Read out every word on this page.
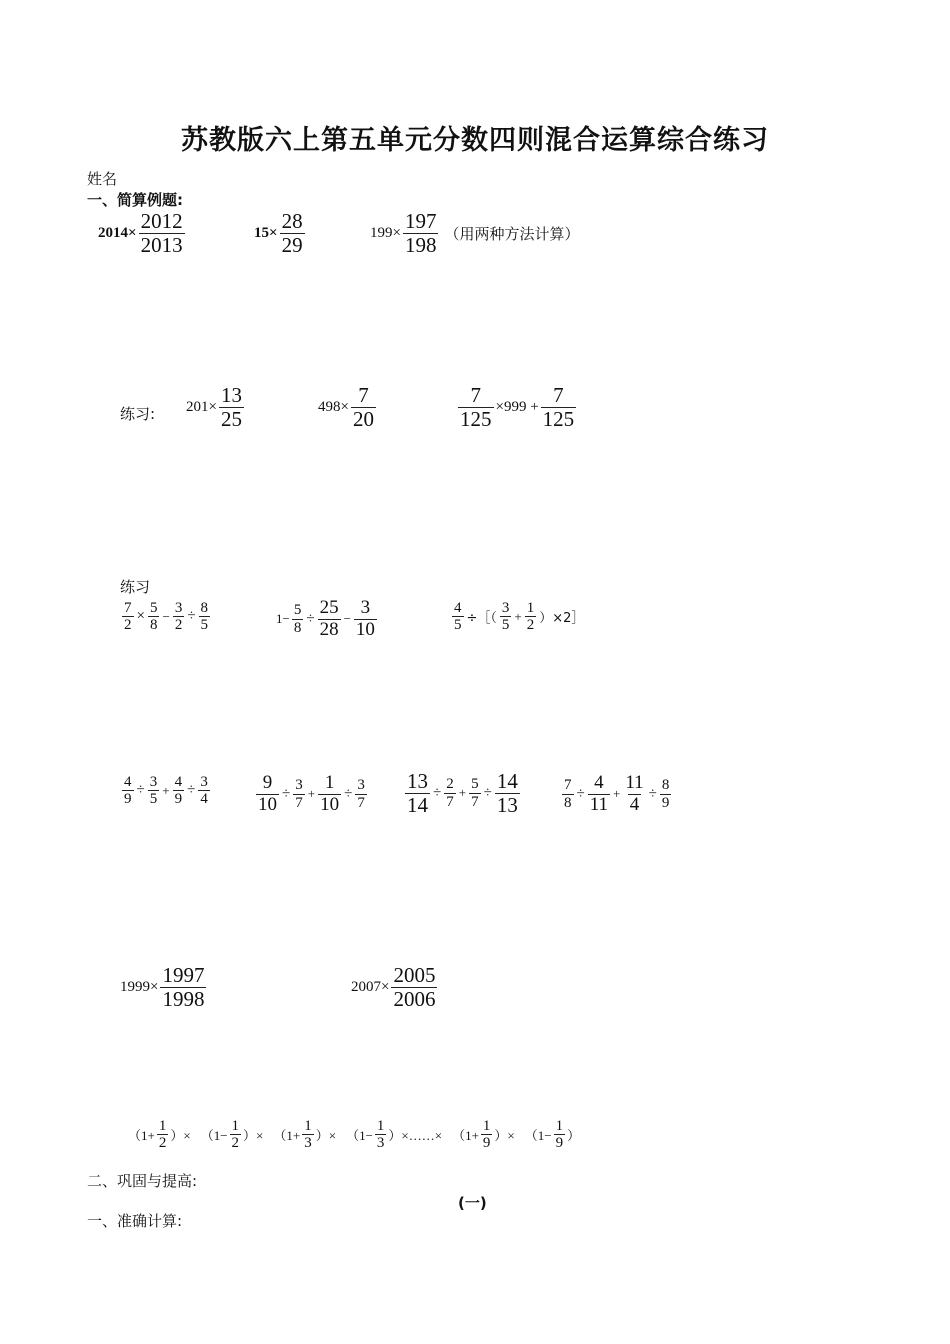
苏教版六上第五单元分数四则混合运算综合练习
姓名
一、简算例题:
$2014\times \frac{2012}{2013}$	$15\times \frac{28}{29}$	$199\times \frac{197}{198}$ （用两种方法计算）
练习: $201\times \frac{13}{25}$	$498\times \frac{7}{20}$	$\frac{7}{125} \times 999 + \frac{7}{125}$
练习
$\frac{7}{2} \times \frac{5}{8} - \frac{3}{2} \div \frac{8}{5}$	$1- \frac{5}{8} \div \frac{25}{28} - \frac{3}{10}$	$\frac{4}{5}$ ÷［（ $\frac{3}{5} + \frac{1}{2}$ ）×2］
$\frac{4}{9} \div \frac{3}{5} + \frac{4}{9} \div \frac{3}{4} \frac{9}{10} \div \frac{3}{7} + \frac{1}{10} \div \frac{3}{7} \frac{13}{14} \div \frac{2}{7} + \frac{5}{7} \div \frac{14}{13}$	$\frac{7}{8} \div \frac{4}{11} + \frac{11}{4} \div \frac{8}{9}$
$1999\times \frac{1997}{1998}$	$2007\times \frac{2005}{2006}$
（$1+ \frac{1}{2}$ ）× （$1- \frac{1}{2}$ ）× （$1+ \frac{1}{3}$ ）× （$1- \frac{1}{3}$ ）×……× （$1+ \frac{1}{9}$ ）× （$1- \frac{1}{9}$ ）
二、巩固与提高:
(一)
一、准确计算:
